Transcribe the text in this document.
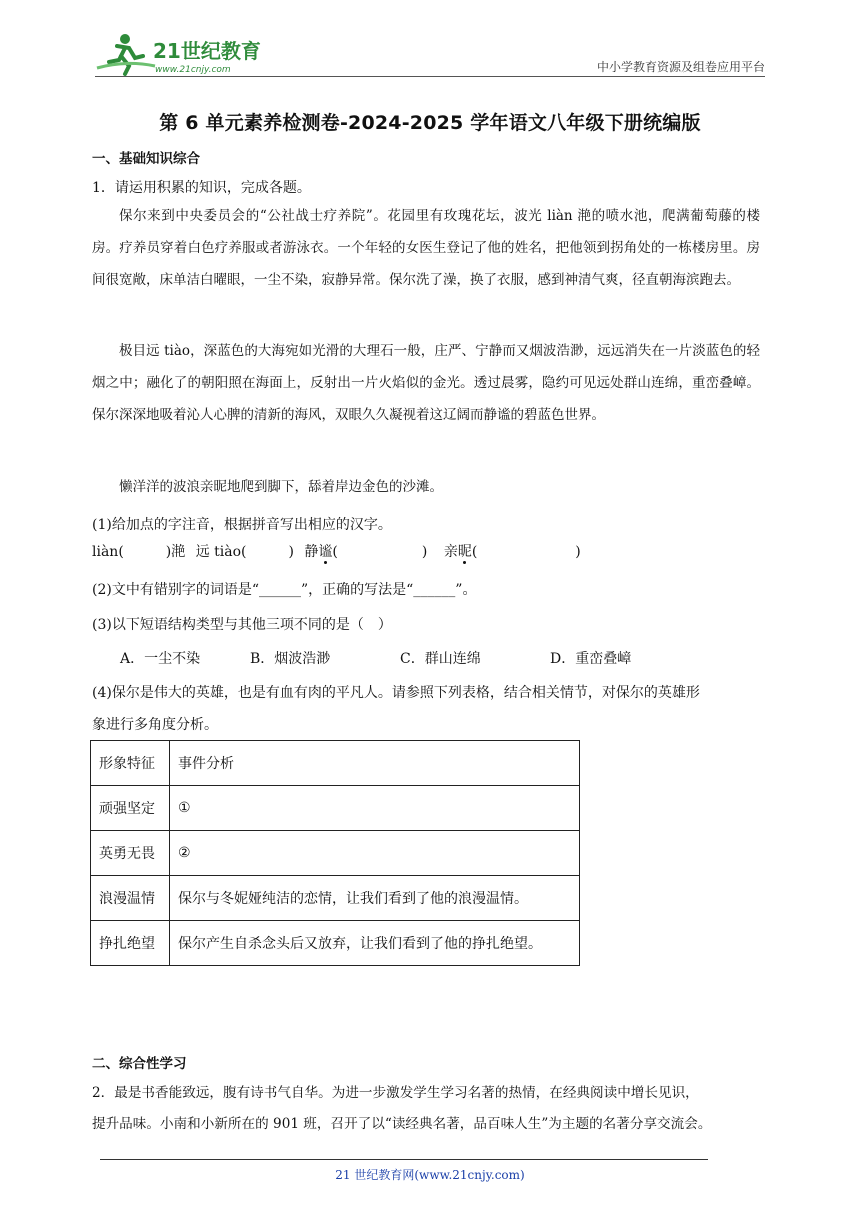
21世纪教育
www.21cnjy.com	中小学教育资源及组卷应用平台
第 6 单元素养检测卷-2024-2025 学年语文八年级下册统编版
一、基础知识综合
1．请运用积累的知识，完成各题。
保尔来到中央委员会的“公社战士疗养院”。花园里有玫瑰花坛，波光 liàn 滟的喷水池，爬满葡萄藤的楼房。疗养员穿着白色疗养服或者游泳衣。一个年轻的女医生登记了他的姓名，把他领到拐角处的一栋楼房里。房间很宽敞，床单洁白曜眼，一尘不染，寂静异常。保尔洗了澡，换了衣服，感到神清气爽，径直朝海滨跑去。
极目远 tiào，深蓝色的大海宛如光滑的大理石一般，庄严、宁静而又烟波浩渺，远远消失在一片淡蓝色的轻烟之中；融化了的朝阳照在海面上，反射出一片火焰似的金光。透过晨雾，隐约可见远处群山连绵，重峦叠嶂。保尔深深地吸着沁人心脾的清新的海风，双眼久久凝视着这辽阔而静谧的碧蓝色世界。
懒洋洋的波浪亲昵地爬到脚下，舔着岸边金色的沙滩。
(1)给加点的字注音，根据拼音写出相应的汉字。
liàn(　　　)滟 远 tiào(　　　) 静谧(　　　　　　) 亲昵(　　　　　　　)
(2)文中有错别字的词语是“______”，正确的写法是“______”。
(3)以下短语结构类型与其他三项不同的是（　）
A．一尘不染	B．烟波浩渺	C．群山连绵	D．重峦叠嶂
(4)保尔是伟大的英雄，也是有血有肉的平凡人。请参照下列表格，结合相关情节，对保尔的英雄形
象进行多角度分析。
形象特征	事件分析
顽强坚定	①
英勇无畏	②
浪漫温情	保尔与冬妮娅纯洁的恋情，让我们看到了他的浪漫温情。
挣扎绝望	保尔产生自杀念头后又放弃，让我们看到了他的挣扎绝望。
二、综合性学习
2．最是书香能致远，腹有诗书气自华。为进一步激发学生学习名著的热情，在经典阅读中增长见识，
提升品味。小南和小新所在的 901 班，召开了以“读经典名著，品百味人生”为主题的名著分享交流会。
21 世纪教育网(www.21cnjy.com)
